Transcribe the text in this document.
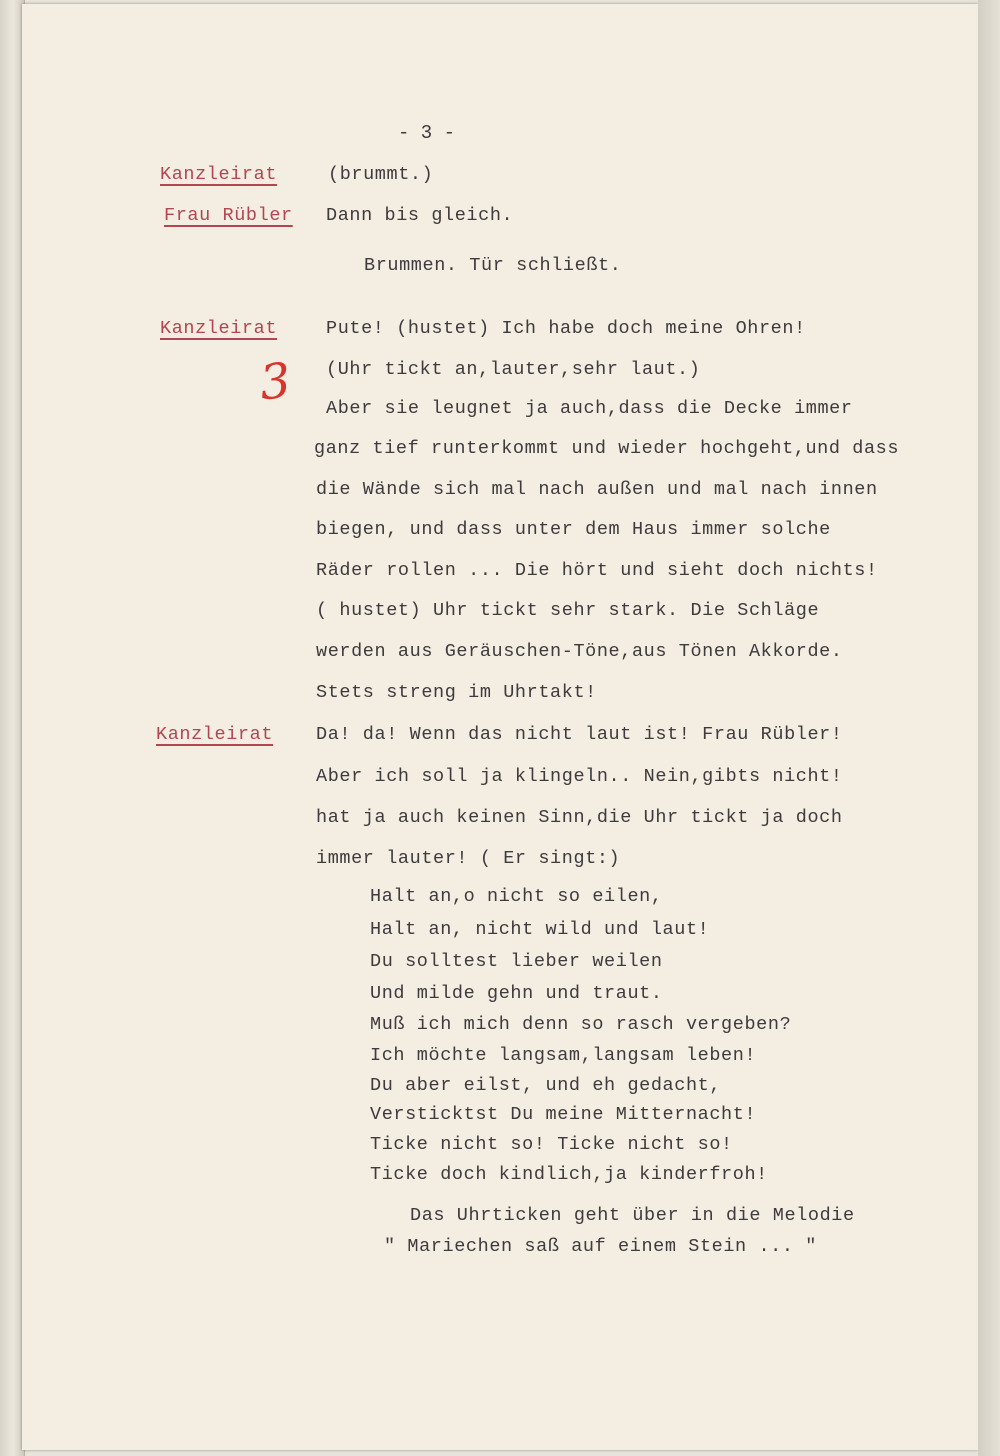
- 3 -
3
Kanzleirat
Frau Rübler
Kanzleirat
Kanzleirat
(brummt.)
Dann bis gleich.
Brummen. Tür schließt.
Pute! (hustet) Ich habe doch meine Ohren!
(Uhr tickt an,lauter,sehr laut.)
Aber sie leugnet ja auch,dass die Decke immer
ganz tief runterkommt und wieder hochgeht,und dass
die Wände sich mal nach außen und mal nach innen
biegen, und dass unter dem Haus immer solche
Räder rollen ... Die hört und sieht doch nichts!
( hustet) Uhr tickt sehr stark. Die Schläge
werden aus Geräuschen-Töne,aus Tönen Akkorde.
Stets streng im Uhrtakt!
Da! da! Wenn das nicht laut ist! Frau Rübler!
Aber ich soll ja klingeln.. Nein,gibts nicht!
hat ja auch keinen Sinn,die Uhr tickt ja doch
immer lauter! ( Er singt:)
Halt an,o nicht so eilen,
Halt an, nicht wild und laut!
Du solltest lieber weilen
Und milde gehn und traut.
Muß ich mich denn so rasch vergeben?
Ich möchte langsam,langsam leben!
Du aber eilst, und eh gedacht,
Versticktst Du meine Mitternacht!
Ticke nicht so! Ticke nicht so!
Ticke doch kindlich,ja kinderfroh!
Das Uhrticken geht über in die Melodie
" Mariechen saß auf einem Stein ... "
